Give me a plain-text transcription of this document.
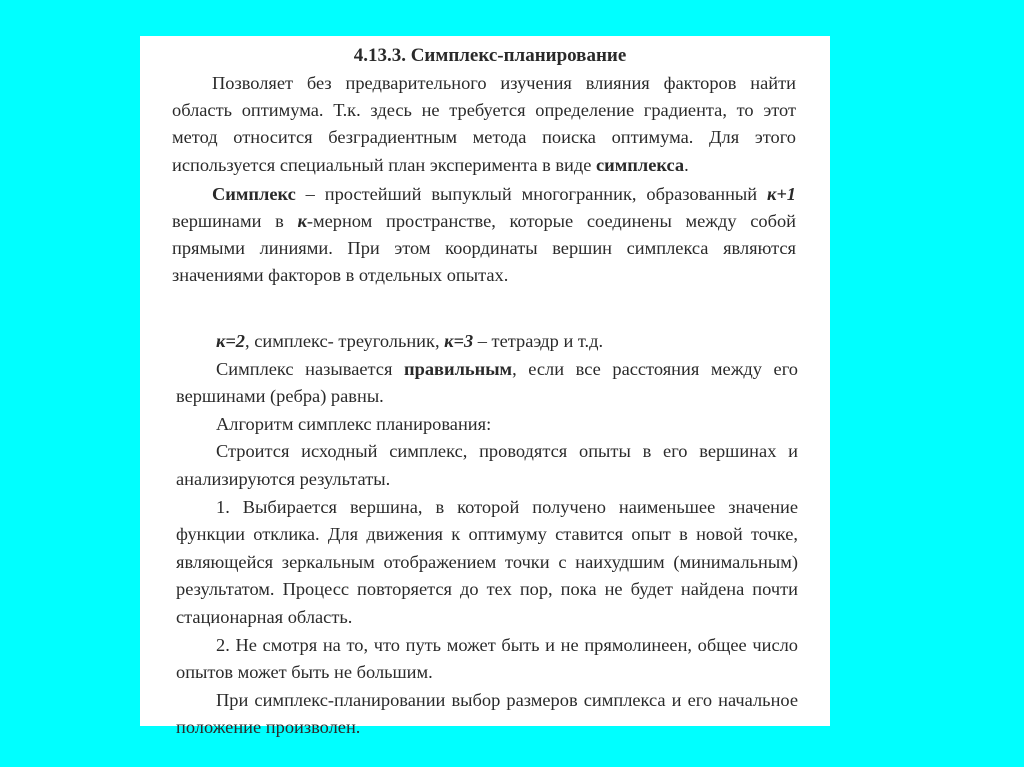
4.13.3. Симплекс-планирование

Позволяет без предварительного изучения влияния факторов найти область оптимума. Т.к. здесь не требуется определение градиента, то этот метод относится безградиентным метода поиска оптимума. Для этого используется специальный план эксперимента в виде симплекса.

Симплекс – простейший выпуклый многогранник, образованный к+1 вершинами в к-мерном пространстве, которые соединены между собой прямыми линиями. При этом координаты вершин симплекса являются значениями факторов в отдельных опытах.

к=2, симплекс- треугольник, к=3 – тетраэдр и т.д.

Симплекс называется правильным, если все расстояния между его вершинами (ребра) равны.

Алгоритм симплекс планирования:

Строится исходный симплекс, проводятся опыты в его вершинах и анализируются результаты.

1. Выбирается вершина, в которой получено наименьшее значение функции отклика. Для движения к оптимуму ставится опыт в новой точке, являющейся зеркальным отображением точки с наихудшим (минимальным) результатом. Процесс повторяется до тех пор, пока не будет найдена почти стационарная область.

2. Не смотря на то, что путь может быть и не прямолинеен, общее число опытов может быть не большим.

При симплекс-планировании выбор размеров симплекса и его начальное положение произволен.
